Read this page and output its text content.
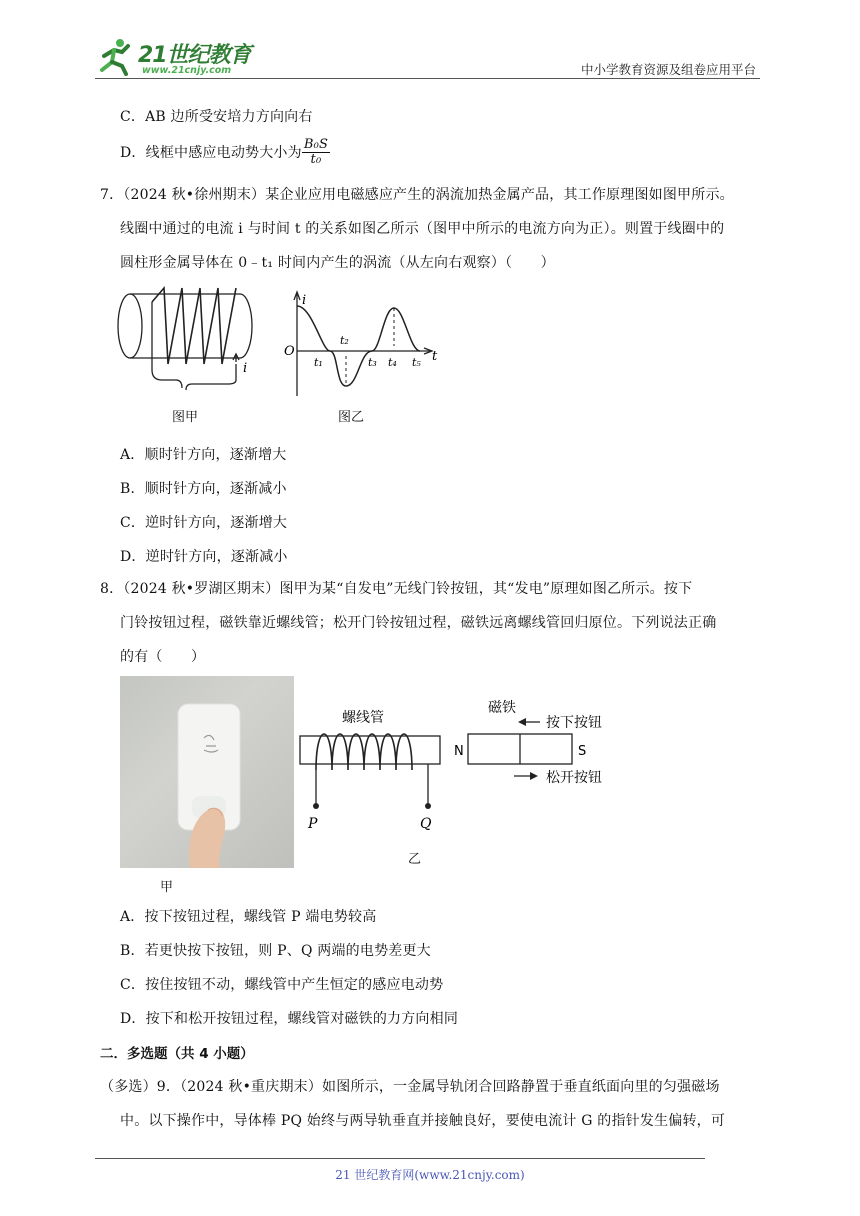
21世纪教育
www.21cnjy.com	中小学教育资源及组卷应用平台
C．AB 边所受安培力方向向右
D．线框中感应电动势大小为 $\frac{\text{B₀S}}{\text{t₀}}$
7．（2024 秋•徐州期末）某企业应用电磁感应产生的涡流加热金属产品，其工作原理图如图甲所示。
线圈中通过的电流 i 与时间 t 的关系如图乙所示（图甲中所示的电流方向为正）。则置于线圈中的
圆柱形金属导体在 0﹣t₁ 时间内产生的涡流（从左向右观察）（　　）
i
图甲
i
t
O
t₁
t₂
t₃ t₄ t₅
图乙
A．顺时针方向，逐渐增大
B．顺时针方向，逐渐减小
C．逆时针方向，逐渐增大
D．逆时针方向，逐渐减小
8．（2024 秋•罗湖区期末）图甲为某“自发电”无线门铃按钮，其“发电”原理如图乙所示。按下
门铃按钮过程，磁铁靠近螺线管；松开门铃按钮过程，磁铁远离螺线管回归原位。下列说法正确
的有（　　）
甲
P	Q
螺线管
N	S
磁铁
按下按钮
松开按钮
乙
A．按下按钮过程，螺线管 P 端电势较高
B．若更快按下按钮，则 P、Q 两端的电势差更大
C．按住按钮不动，螺线管中产生恒定的感应电动势
D．按下和松开按钮过程，螺线管对磁铁的力方向相同
二．多选题（共 4 小题）
（多选）9．（2024 秋•重庆期末）如图所示，一金属导轨闭合回路静置于垂直纸面向里的匀强磁场
中。以下操作中，导体棒 PQ 始终与两导轨垂直并接触良好，要使电流计 G 的指针发生偏转，可
21 世纪教育网(www.21cnjy.com)
